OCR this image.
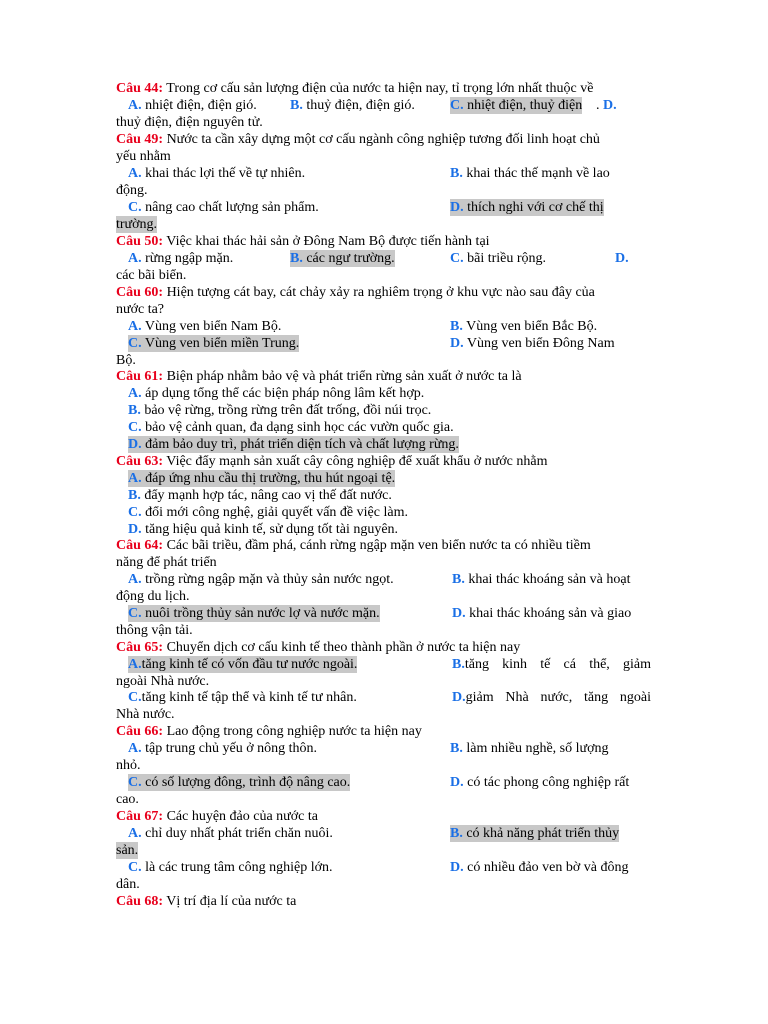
Câu 44: Trong cơ cấu sản lượng điện của nước ta hiện nay, tỉ trọng lớn nhất thuộc về
A. nhiệt điện, điện gió. B. thuỷ điện, điện gió.	C. nhiệt điện, thuỷ điện . D.
thuỷ điện, điện nguyên tử.
Câu 49: Nước ta cần xây dựng một cơ cấu ngành công nghiệp tương đối linh hoạt chủ
yếu nhằm
A. khai thác lợi thế về tự nhiên.	B. khai thác thế mạnh về lao
động.
C. nâng cao chất lượng sản phẩm.	D. thích nghi với cơ chế thị
trường.
Câu 50: Việc khai thác hải sản ở Đông Nam Bộ được tiến hành tại
A. rừng ngập mặn.	B. các ngư trường.	C. bãi triều rộng.	D.
các bãi biển.
Câu 60: Hiện tượng cát bay, cát chảy xảy ra nghiêm trọng ở khu vực nào sau đây của
nước ta?
A. Vùng ven biển Nam Bộ.	B. Vùng ven biển Bắc Bộ.
C. Vùng ven biển miền Trung.	D. Vùng ven biển Đông Nam
Bộ.
Câu 61: Biện pháp nhằm bảo vệ và phát triển rừng sản xuất ở nước ta là
A. áp dụng tổng thể các biện pháp nông lâm kết hợp.
B. bảo vệ rừng, trồng rừng trên đất trống, đồi núi trọc.
C. bảo vệ cảnh quan, đa dạng sinh học các vườn quốc gia.
D. đảm bảo duy trì, phát triển diện tích và chất lượng rừng.
Câu 63: Việc đẩy mạnh sản xuất cây công nghiệp để xuất khẩu ở nước nhằm
A. đáp ứng nhu cầu thị trường, thu hút ngoại tệ.
B. đẩy mạnh hợp tác, nâng cao vị thế đất nước.
C. đổi mới công nghệ, giải quyết vấn đề việc làm.
D. tăng hiệu quả kinh tế, sử dụng tốt tài nguyên.
Câu 64: Các bãi triều, đầm phá, cánh rừng ngập mặn ven biển nước ta có nhiều tiềm
năng để phát triển
A. trồng rừng ngập mặn và thủy sản nước ngọt.	B. khai thác khoáng sản và hoạt
động du lịch.
C. nuôi trồng thủy sản nước lợ và nước mặn.	D. khai thác khoáng sản và giao
thông vận tải.
Câu 65: Chuyển dịch cơ cấu kinh tế theo thành phần ở nước ta hiện nay
A.tăng kinh tế có vốn đầu tư nước ngoài.	B.tăng kinh tế cá thể, giảm
ngoài Nhà nước.
C.tăng kinh tế tập thể và kinh tế tư nhân.	D.giảm Nhà nước, tăng ngoài
Nhà nước.
Câu 66: Lao động trong công nghiệp nước ta hiện nay
A. tập trung chủ yếu ở nông thôn.	B. làm nhiều nghề, số lượng
nhỏ.
C. có số lượng đông, trình độ nâng cao.	D. có tác phong công nghiệp rất
cao.
Câu 67: Các huyện đảo của nước ta
A. chỉ duy nhất phát triển chăn nuôi.	B. có khả năng phát triển thủy
sản.
C. là các trung tâm công nghiệp lớn.	D. có nhiều đảo ven bờ và đông
dân.
Câu 68: Vị trí địa lí của nước ta
